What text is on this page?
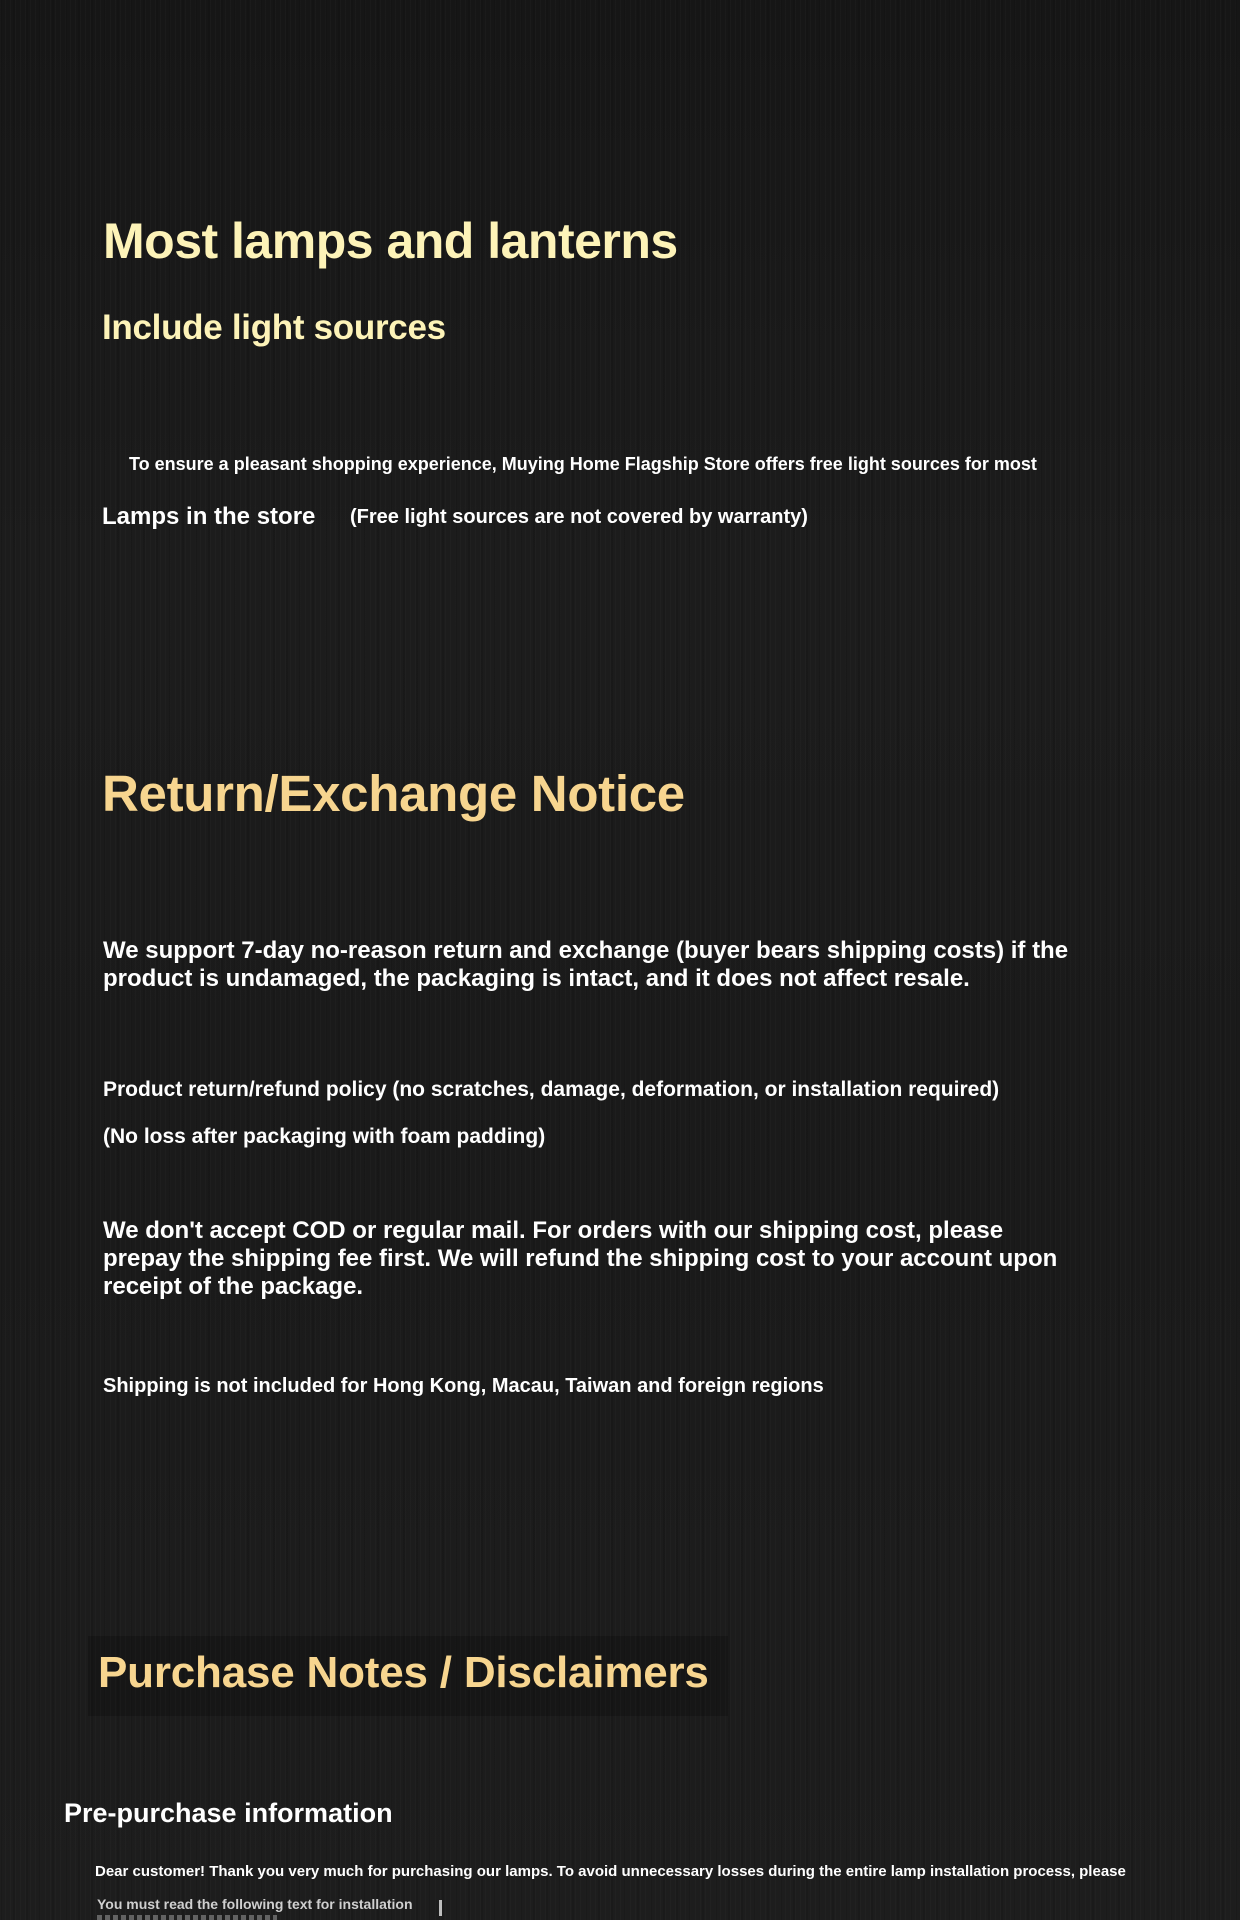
Most lamps and lanterns
Include light sources

To ensure a pleasant shopping experience, Muying Home Flagship Store offers free light sources for most

Lamps in the store (Free light sources are not covered by warranty)

Return/Exchange Notice

We support 7-day no-reason return and exchange (buyer bears shipping costs) if the product is undamaged, the packaging is intact, and it does not affect resale.

Product return/refund policy (no scratches, damage, deformation, or installation required)

(No loss after packaging with foam padding)

We don't accept COD or regular mail. For orders with our shipping cost, please prepay the shipping fee first. We will refund the shipping cost to your account upon receipt of the package.

Shipping is not included for Hong Kong, Macau, Taiwan and foreign regions

Purchase Notes / Disclaimers
Pre-purchase information

Dear customer! Thank you very much for purchasing our lamps. To avoid unnecessary losses during the entire lamp installation process, please

You must read the following text for installation
